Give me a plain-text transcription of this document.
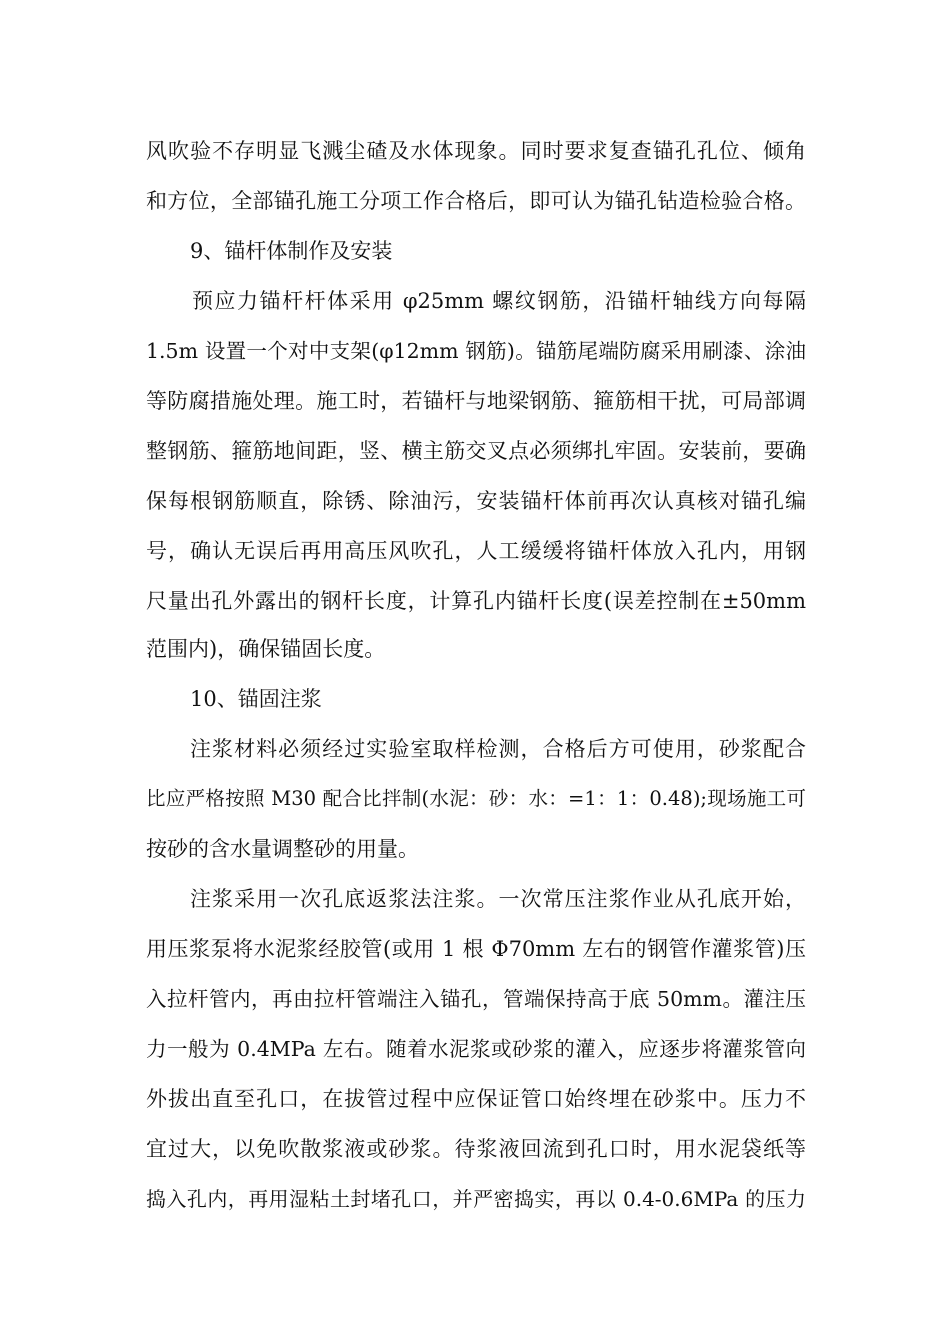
风吹验不存明显飞溅尘碴及水体现象。同时要求复查锚孔孔位、倾角
和方位，全部锚孔施工分项工作合格后，即可认为锚孔钻造检验合格。
9、锚杆体制作及安装
预应力锚杆杆体采用 φ25mm 螺纹钢筋，沿锚杆轴线方向每隔
1.5m 设置一个对中支架(φ12mm 钢筋)。锚筋尾端防腐采用刷漆、涂油
等防腐措施处理。施工时，若锚杆与地梁钢筋、箍筋相干扰，可局部调
整钢筋、箍筋地间距，竖、横主筋交叉点必须绑扎牢固。安装前，要确
保每根钢筋顺直，除锈、除油污，安装锚杆体前再次认真核对锚孔编
号，确认无误后再用高压风吹孔，人工缓缓将锚杆体放入孔内，用钢
尺量出孔外露出的钢杆长度，计算孔内锚杆长度(误差控制在±50mm
范围内)，确保锚固长度。
10、锚固注浆
注浆材料必须经过实验室取样检测，合格后方可使用，砂浆配合
比应严格按照 M30 配合比拌制(水泥：砂：水：=1：1：0.48);现场施工可
按砂的含水量调整砂的用量。
注浆采用一次孔底返浆法注浆。一次常压注浆作业从孔底开始，
用压浆泵将水泥浆经胶管(或用 1 根 Φ70mm 左右的钢管作灌浆管)压
入拉杆管内，再由拉杆管端注入锚孔，管端保持高于底 50mm。灌注压
力一般为 0.4MPa 左右。随着水泥浆或砂浆的灌入，应逐步将灌浆管向
外拔出直至孔口，在拔管过程中应保证管口始终埋在砂浆中。压力不
宜过大，以免吹散浆液或砂浆。待浆液回流到孔口时，用水泥袋纸等
捣入孔内，再用湿粘土封堵孔口，并严密捣实，再以 0.4-0.6MPa 的压力
